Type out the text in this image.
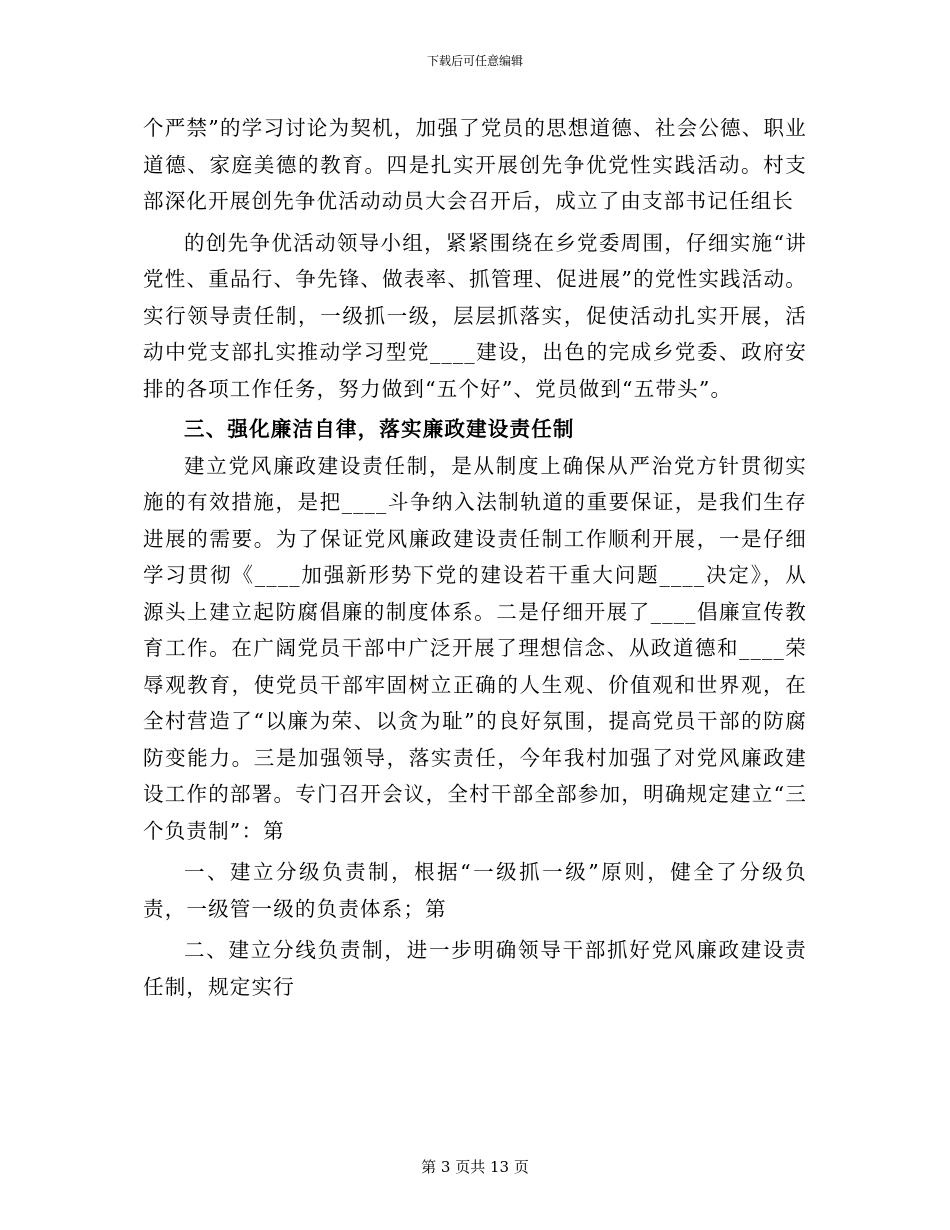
下载后可任意编辑

个严禁”的学习讨论为契机，加强了党员的思想道德、社会公德、职业道德、家庭美德的教育。四是扎实开展创先争优党性实践活动。村支部深化开展创先争优活动动员大会召开后，成立了由支部书记任组长

的创先争优活动领导小组，紧紧围绕在乡党委周围，仔细实施“讲党性、重品行、争先锋、做表率、抓管理、促进展”的党性实践活动。实行领导责任制，一级抓一级，层层抓落实，促使活动扎实开展，活动中党支部扎实推动学习型党____建设，出色的完成乡党委、政府安排的各项工作任务，努力做到“五个好”、党员做到“五带头”。

三、强化廉洁自律，落实廉政建设责任制

建立党风廉政建设责任制，是从制度上确保从严治党方针贯彻实施的有效措施，是把____斗争纳入法制轨道的重要保证，是我们生存进展的需要。为了保证党风廉政建设责任制工作顺利开展，一是仔细学习贯彻《____加强新形势下党的建设若干重大问题____决定》，从源头上建立起防腐倡廉的制度体系。二是仔细开展了____倡廉宣传教育工作。在广阔党员干部中广泛开展了理想信念、从政道德和____荣辱观教育，使党员干部牢固树立正确的人生观、价值观和世界观，在全村营造了“以廉为荣、以贪为耻”的良好氛围，提高党员干部的防腐防变能力。三是加强领导，落实责任，今年我村加强了对党风廉政建设工作的部署。专门召开会议，全村干部全部参加，明确规定建立“三个负责制”：第

一、建立分级负责制，根据“一级抓一级”原则，健全了分级负责，一级管一级的负责体系；第

二、建立分线负责制，进一步明确领导干部抓好党风廉政建设责任制，规定实行

第 3 页共 13 页
